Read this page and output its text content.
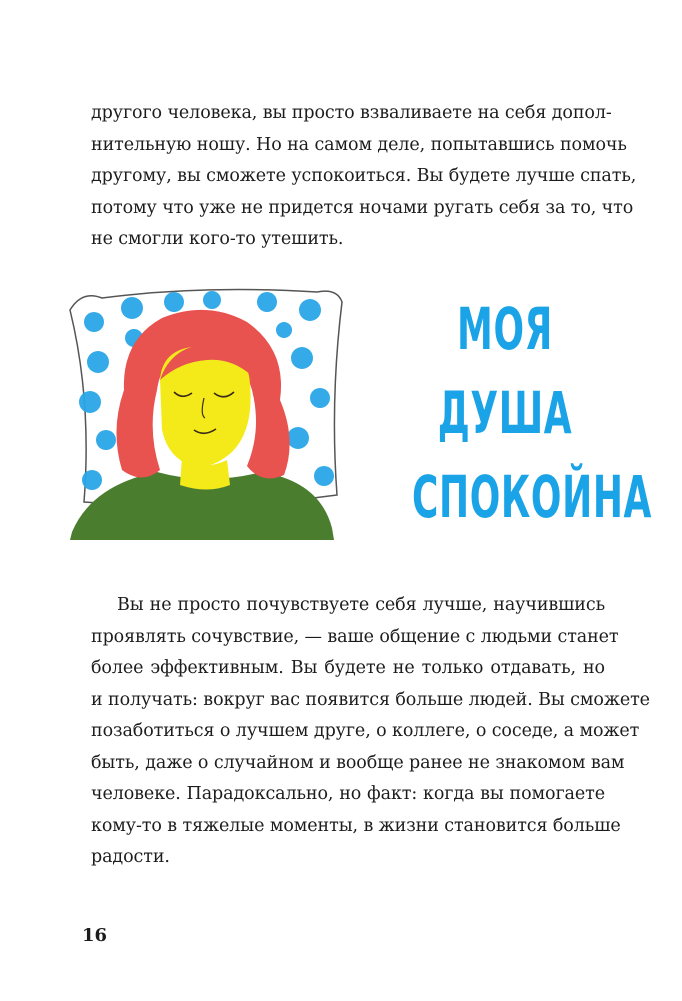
другого человека, вы просто взваливаете на себя допол-
нительную ношу. Но на самом деле, попытавшись помочь
другому, вы сможете успокоиться. Вы будете лучше спать,
потому что уже не придется ночами ругать себя за то, что
не смогли кого-то утешить.
МОЯ
ДУША
СПОКОЙНА
Вы не просто почувствуете себя лучше, научившись
проявлять сочувствие, — ваше общение с людьми станет
более эффективным. Вы будете не только отдавать, но
и получать: вокруг вас появится больше людей. Вы сможете
позаботиться о лучшем друге, о коллеге, о соседе, а может
быть, даже о случайном и вообще ранее не знакомом вам
человеке. Парадоксально, но факт: когда вы помогаете
кому-то в тяжелые моменты, в жизни становится больше
радости.
16
